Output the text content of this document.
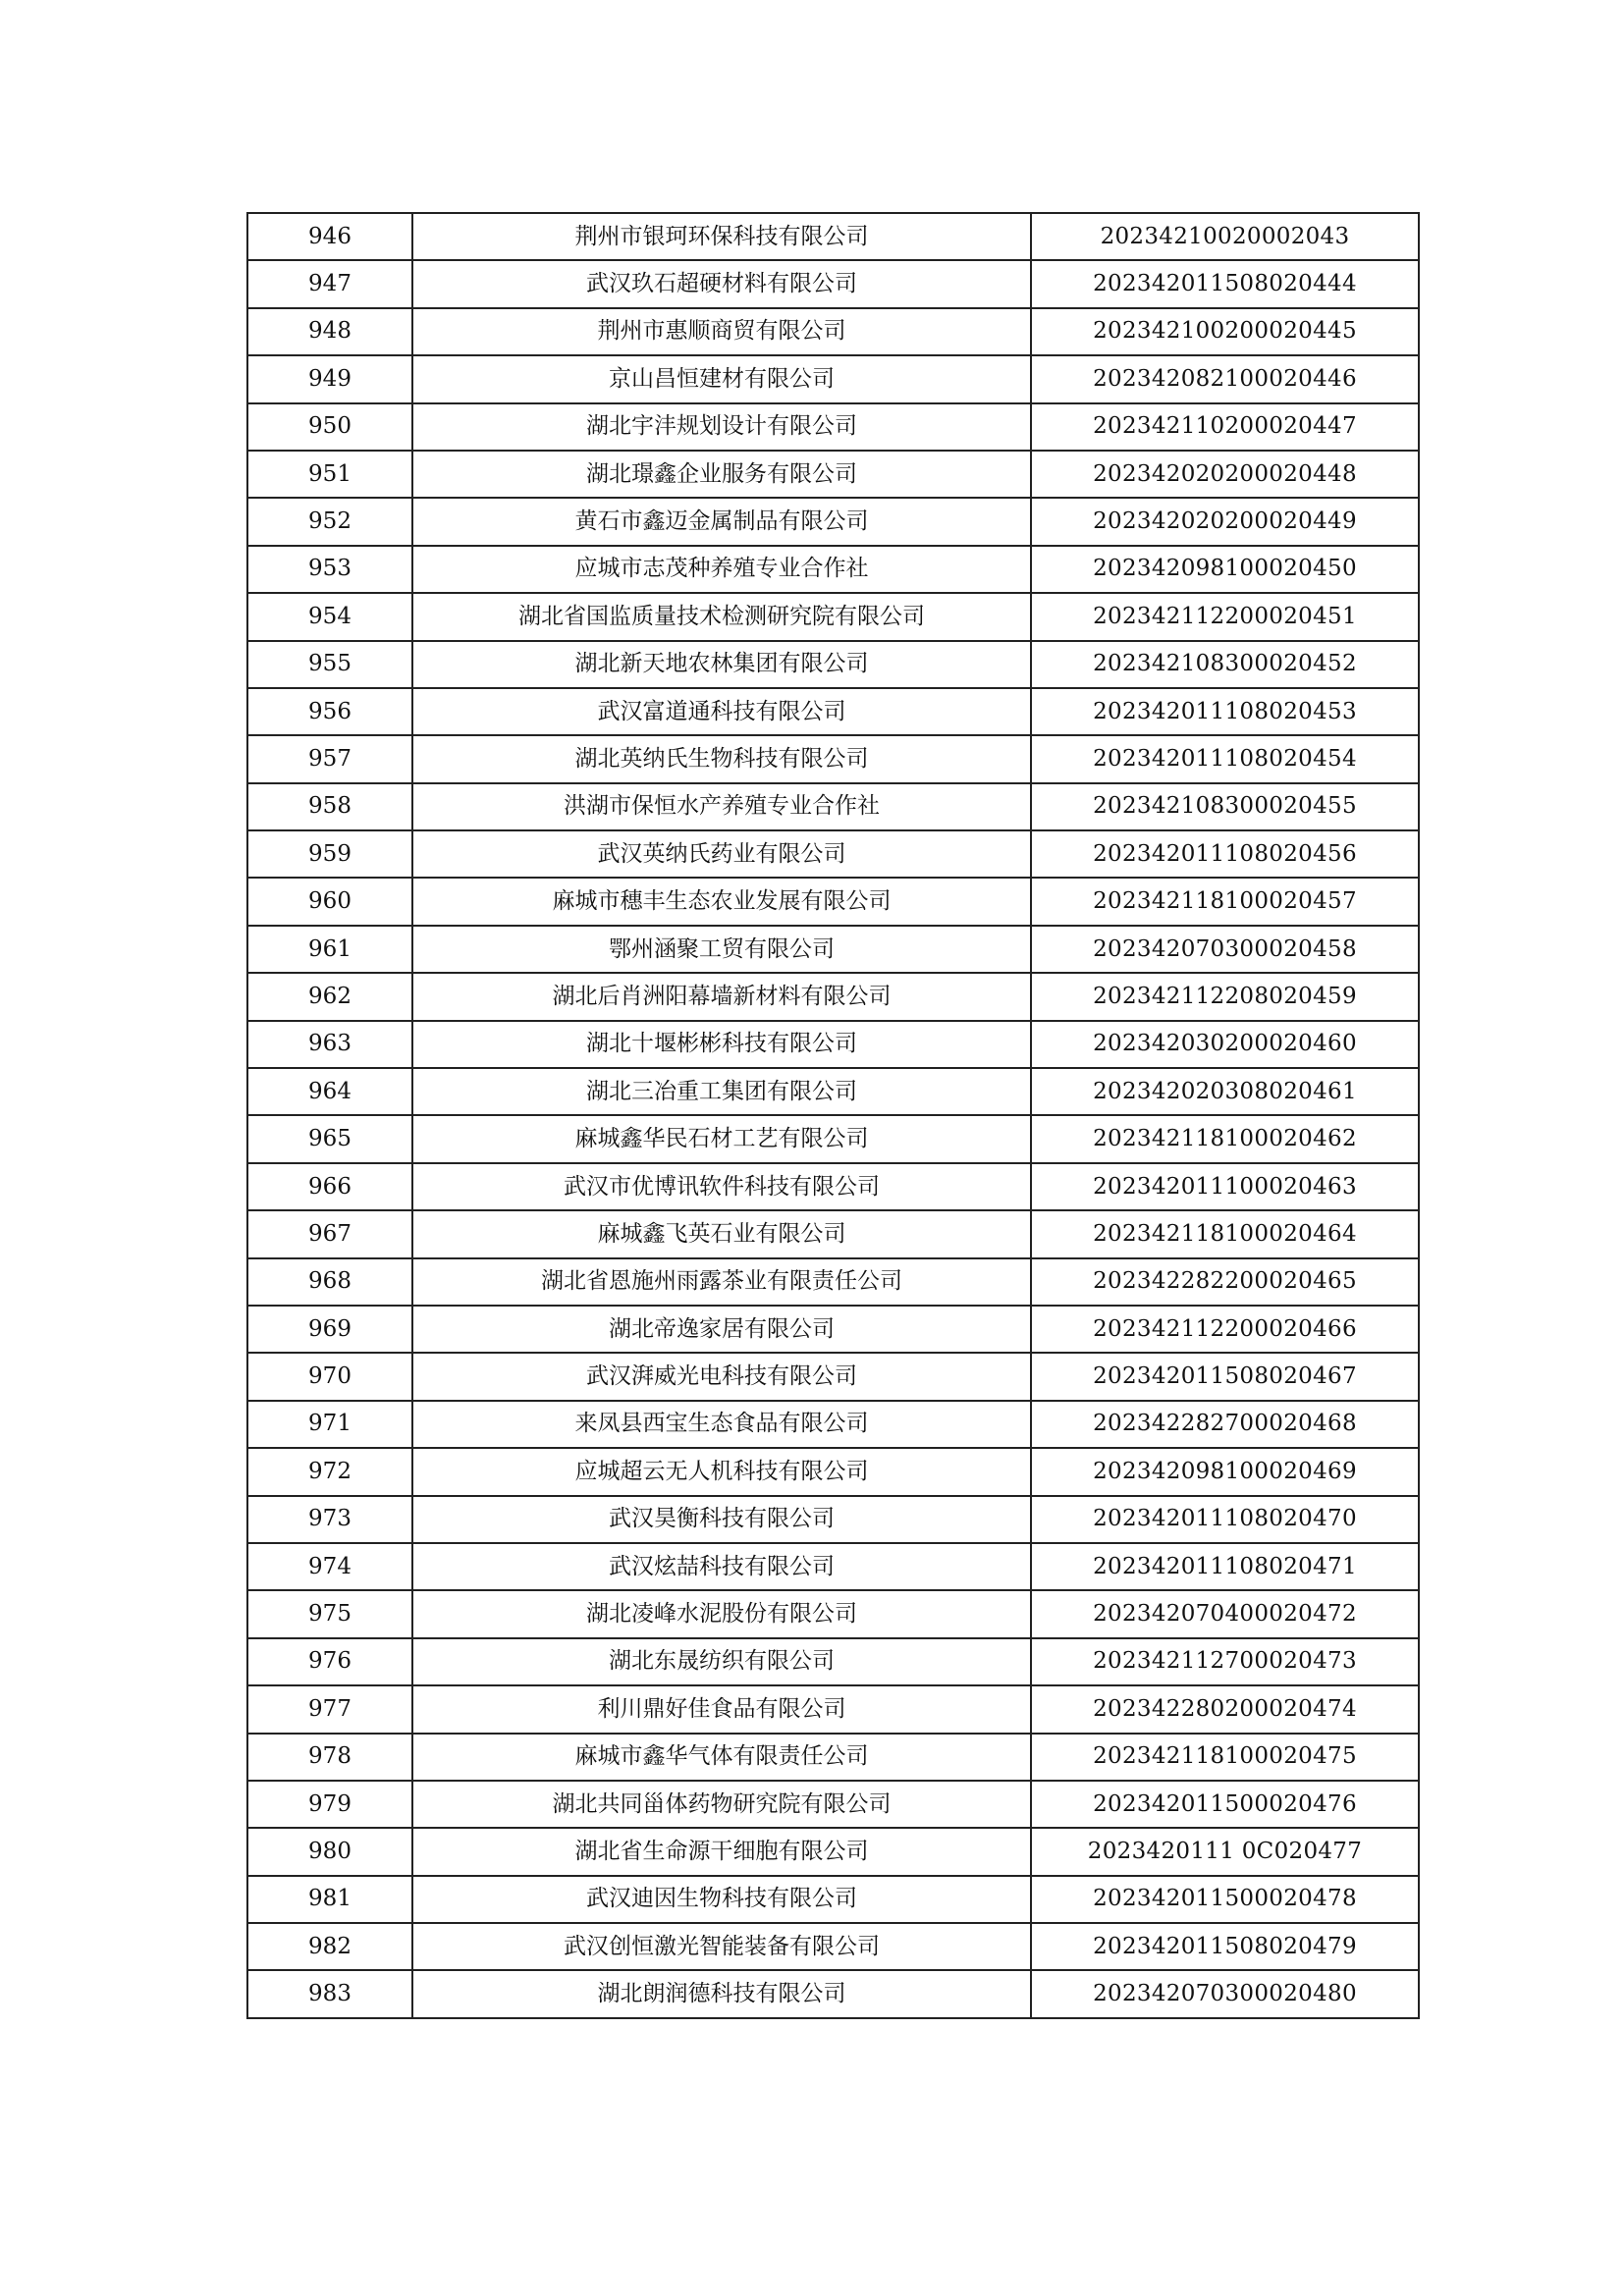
946	荆州市银珂环保科技有限公司	20234210020002043
947	武汉玖石超硬材料有限公司	202342011508020444
948	荆州市惠顺商贸有限公司	202342100200020445
949	京山昌恒建材有限公司	202342082100020446
950	湖北宇沣规划设计有限公司	202342110200020447
951	湖北璟鑫企业服务有限公司	202342020200020448
952	黄石市鑫迈金属制品有限公司	202342020200020449
953	应城市志茂种养殖专业合作社	202342098100020450
954	湖北省国监质量技术检测研究院有限公司	202342112200020451
955	湖北新天地农林集团有限公司	202342108300020452
956	武汉富道通科技有限公司	202342011108020453
957	湖北英纳氏生物科技有限公司	202342011108020454
958	洪湖市保恒水产养殖专业合作社	202342108300020455
959	武汉英纳氏药业有限公司	202342011108020456
960	麻城市穗丰生态农业发展有限公司	202342118100020457
961	鄂州涵聚工贸有限公司	202342070300020458
962	湖北后肖洲阳幕墙新材料有限公司	202342112208020459
963	湖北十堰彬彬科技有限公司	202342030200020460
964	湖北三冶重工集团有限公司	202342020308020461
965	麻城鑫华民石材工艺有限公司	202342118100020462
966	武汉市优博讯软件科技有限公司	202342011100020463
967	麻城鑫飞英石业有限公司	202342118100020464
968	湖北省恩施州雨露茶业有限责任公司	202342282200020465
969	湖北帝逸家居有限公司	202342112200020466
970	武汉湃威光电科技有限公司	202342011508020467
971	来凤县西宝生态食品有限公司	202342282700020468
972	应城超云无人机科技有限公司	202342098100020469
973	武汉昊衡科技有限公司	202342011108020470
974	武汉炫喆科技有限公司	202342011108020471
975	湖北凌峰水泥股份有限公司	202342070400020472
976	湖北东晟纺织有限公司	202342112700020473
977	利川鼎好佳食品有限公司	202342280200020474
978	麻城市鑫华气体有限责任公司	202342118100020475
979	湖北共同甾体药物研究院有限公司	202342011500020476
980	湖北省生命源干细胞有限公司	2023420111 0C020477
981	武汉迪因生物科技有限公司	202342011500020478
982	武汉创恒激光智能装备有限公司	202342011508020479
983	湖北朗润德科技有限公司	202342070300020480
